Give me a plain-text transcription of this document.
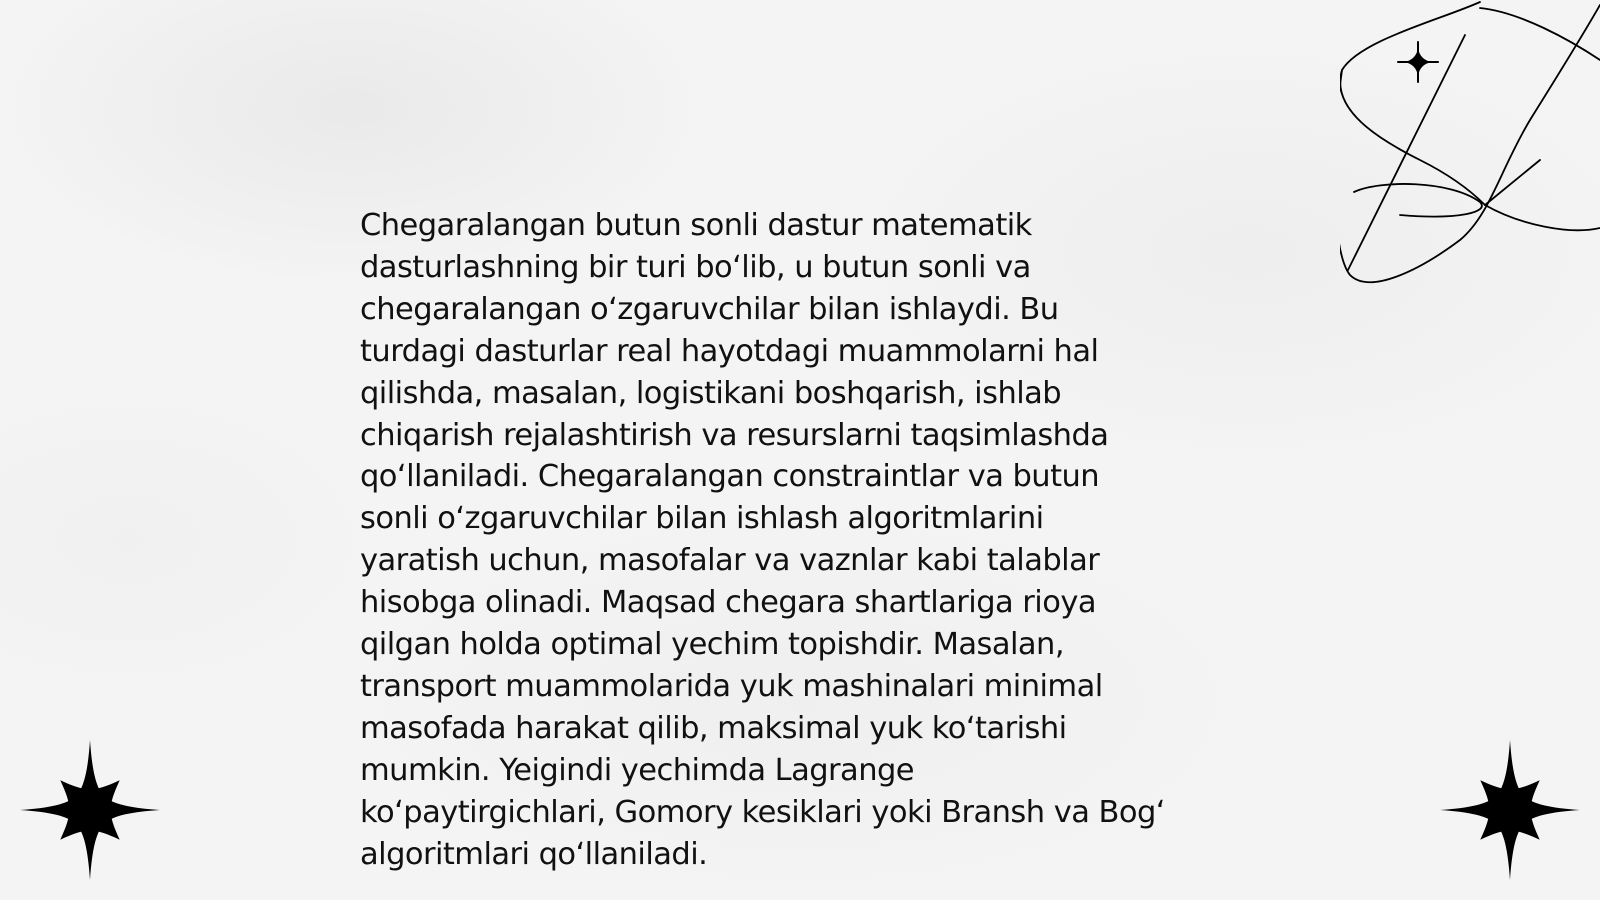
Chegaralangan butun sonli dastur matematik
dasturlashning bir turi bo‘lib, u butun sonli va
chegaralangan o‘zgaruvchilar bilan ishlaydi. Bu
turdagi dasturlar real hayotdagi muammolarni hal
qilishda, masalan, logistikani boshqarish, ishlab
chiqarish rejalashtirish va resurslarni taqsimlashda
qo‘llaniladi. Chegaralangan constraintlar va butun
sonli o‘zgaruvchilar bilan ishlash algoritmlarini
yaratish uchun, masofalar va vaznlar kabi talablar
hisobga olinadi. Maqsad chegara shartlariga rioya
qilgan holda optimal yechim topishdir. Masalan,
transport muammolarida yuk mashinalari minimal
masofada harakat qilib, maksimal yuk ko‘tarishi
mumkin. Yeigindi yechimda Lagrange
ko‘paytirgichlari, Gomory kesiklari yoki Bransh va Bog‘
algoritmlari qo‘llaniladi.
